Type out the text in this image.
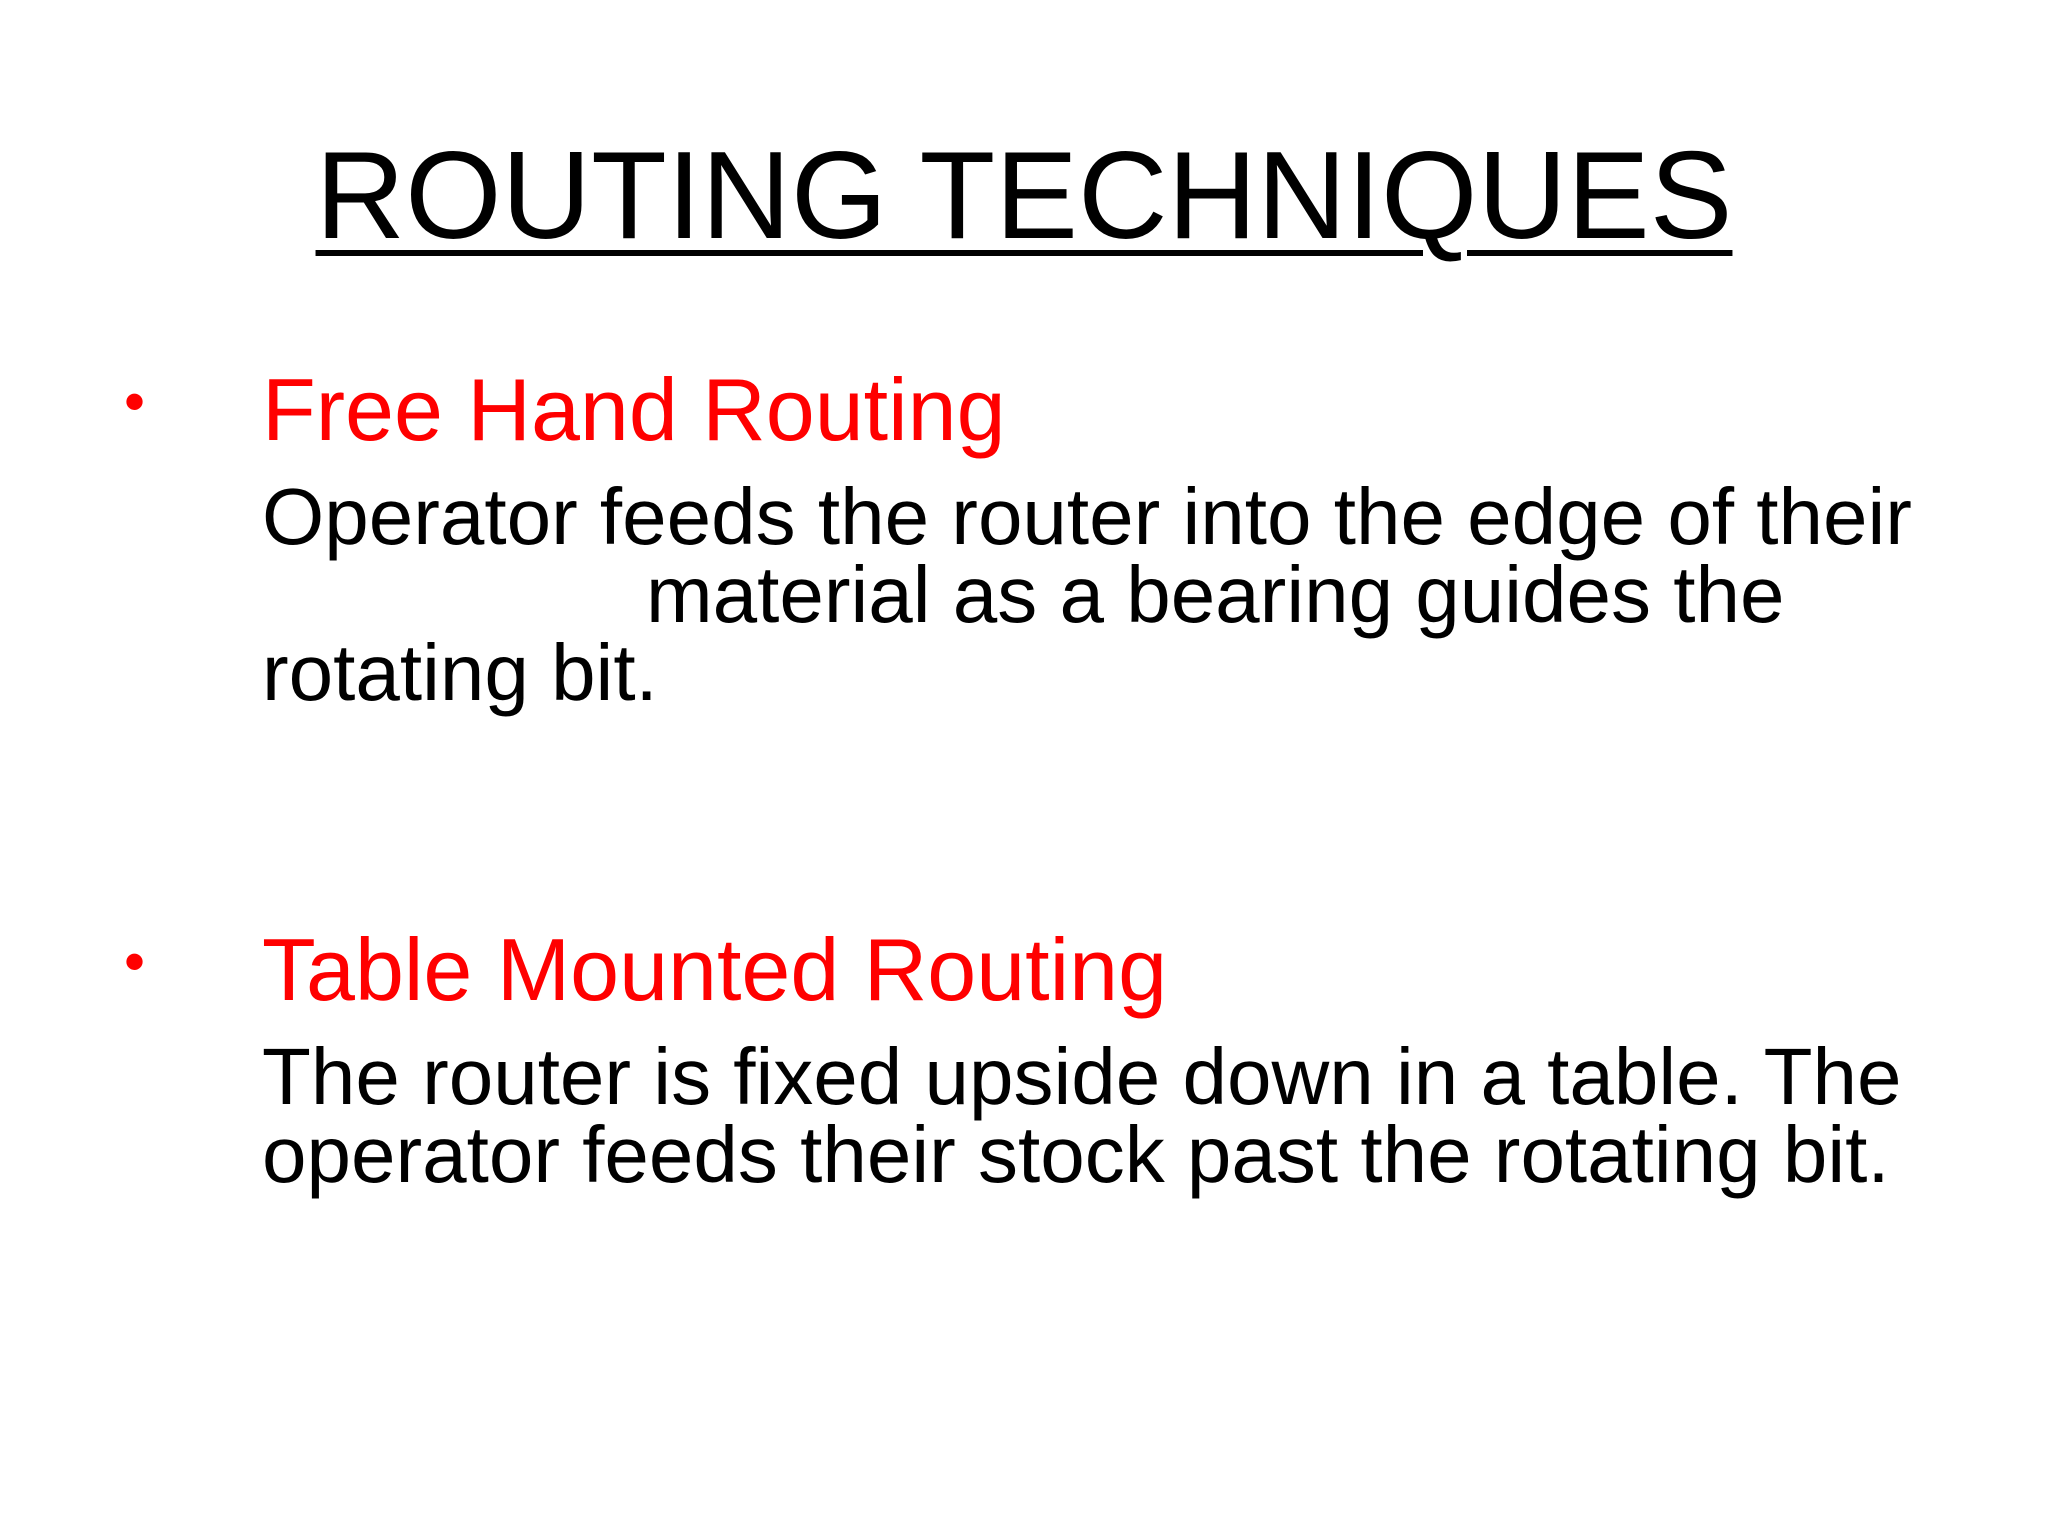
ROUTING TECHNIQUES
• Free Hand Routing
Operator feeds the router into the edge of their
material as a bearing guides the
rotating bit.
• Table Mounted Routing
The router is fixed upside down in a table. The
operator feeds their stock past the rotating bit.
